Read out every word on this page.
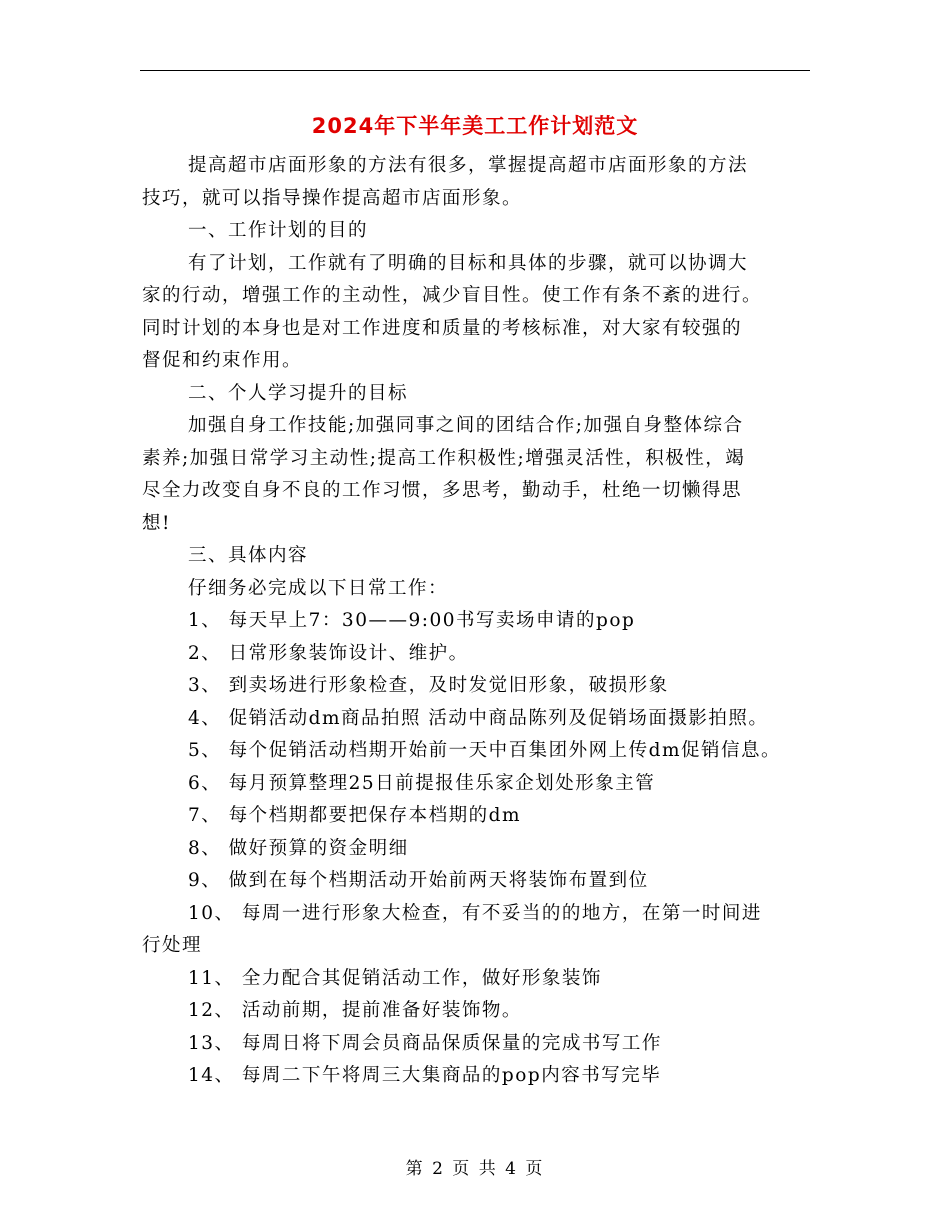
2024年下半年美工工作计划范文

提高超市店面形象的方法有很多，掌握提高超市店面形象的方法

技巧，就可以指导操作提高超市店面形象。

一、工作计划的目的

有了计划，工作就有了明确的目标和具体的步骤，就可以协调大

家的行动，增强工作的主动性，减少盲目性。使工作有条不紊的进行。

同时计划的本身也是对工作进度和质量的考核标准，对大家有较强的

督促和约束作用。

二、个人学习提升的目标

加强自身工作技能;加强同事之间的团结合作;加强自身整体综合

素养;加强日常学习主动性;提高工作积极性;增强灵活性，积极性，竭

尽全力改变自身不良的工作习惯，多思考，勤动手，杜绝一切懒得思

想!

三、具体内容

仔细务必完成以下日常工作：

1、 每天早上7：30——9:00书写卖场申请的pop

2、 日常形象装饰设计、维护。

3、 到卖场进行形象检查，及时发觉旧形象，破损形象

4、 促销活动dm商品拍照 活动中商品陈列及促销场面摄影拍照。

5、 每个促销活动档期开始前一天中百集团外网上传dm促销信息。

6、 每月预算整理25日前提报佳乐家企划处形象主管

7、 每个档期都要把保存本档期的dm

8、 做好预算的资金明细

9、 做到在每个档期活动开始前两天将装饰布置到位

10、 每周一进行形象大检查，有不妥当的的地方，在第一时间进

行处理

11、 全力配合其促销活动工作，做好形象装饰

12、 活动前期，提前准备好装饰物。

13、 每周日将下周会员商品保质保量的完成书写工作

14、 每周二下午将周三大集商品的pop内容书写完毕

第 2 页 共 4 页
